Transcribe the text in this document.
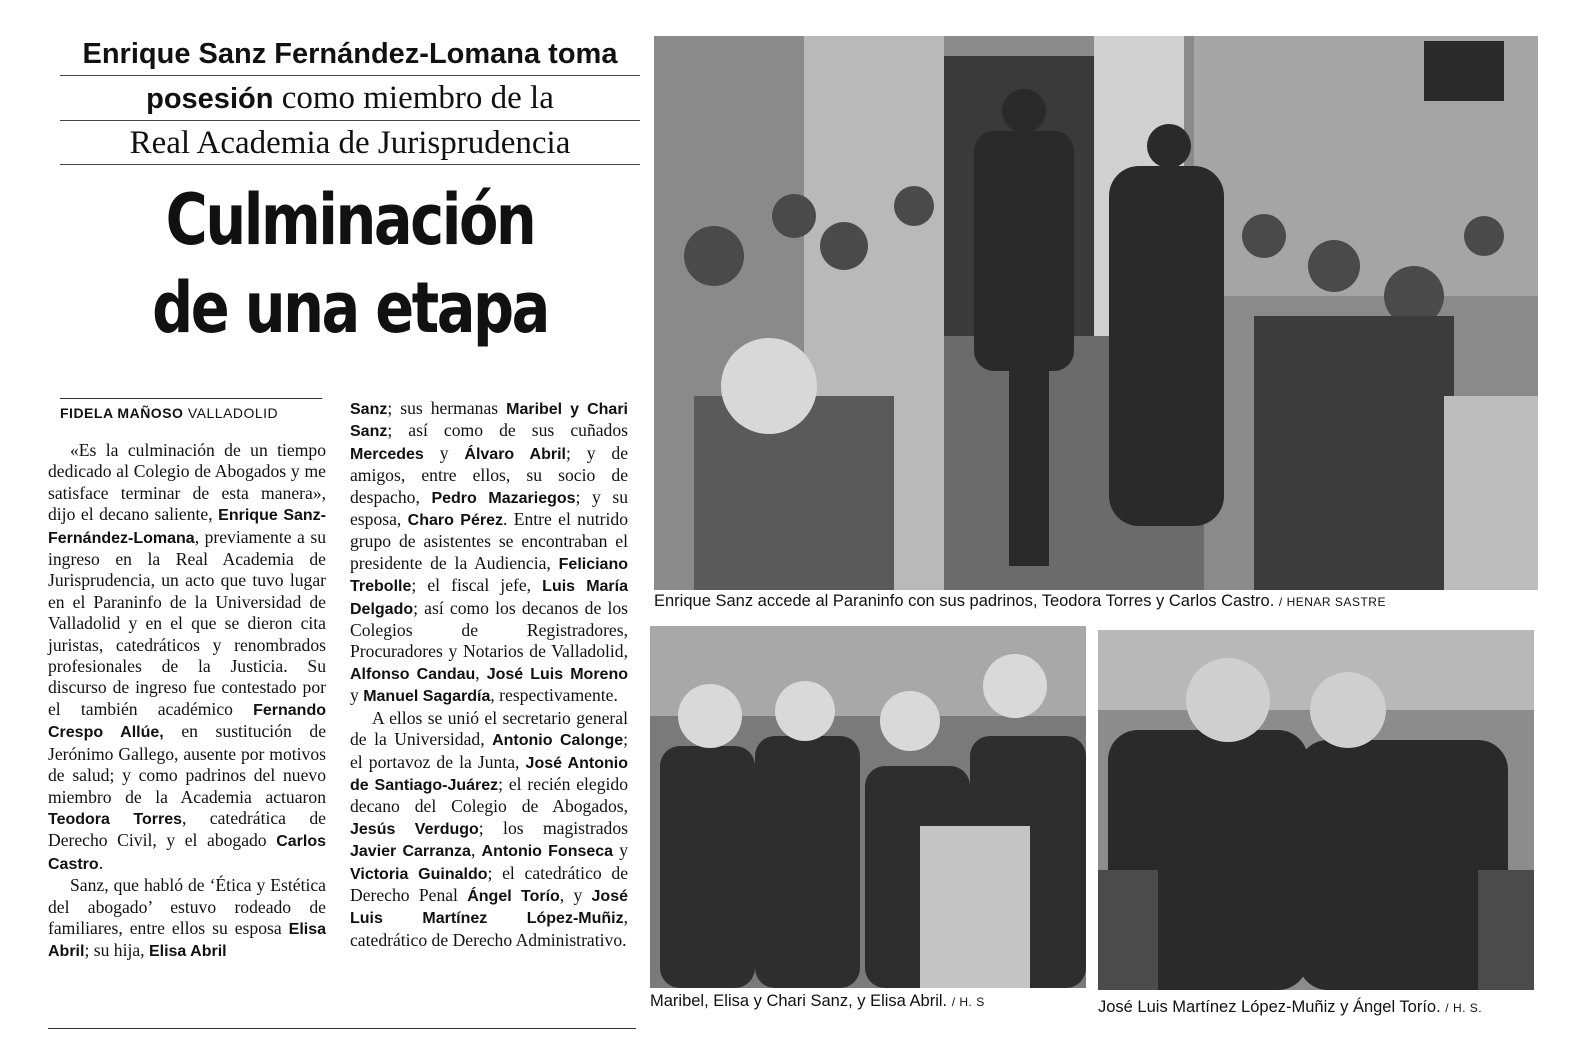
Enrique Sanz Fernández-Lomana toma
posesión como miembro de la
Real Academia de Jurisprudencia
Culminación
de una etapa
FIDELA MAÑOSO VALLADOLID

«Es la culminación de un tiempo dedicado al Colegio de Abogados y me satisface terminar de esta manera», dijo el decano saliente, Enrique Sanz-Fernández-Lomana, previamente a su ingreso en la Real Academia de Jurisprudencia, un acto que tuvo lugar en el Paraninfo de la Universidad de Valladolid y en el que se dieron cita juristas, catedráticos y renombrados profesionales de la Justicia. Su discurso de ingreso fue contestado por el también académico Fernando Crespo Allúe, en sustitución de Jerónimo Gallego, ausente por motivos de salud; y como padrinos del nuevo miembro de la Academia actuaron Teodora Torres, catedrática de Derecho Civil, y el abogado Carlos Castro.

Sanz, que habló de ‘Ética y Estética del abogado’ estuvo rodeado de familiares, entre ellos su esposa Elisa Abril; su hija, Elisa Abril

Sanz; sus hermanas Maribel y Chari Sanz; así como de sus cuñados Mercedes y Álvaro Abril; y de amigos, entre ellos, su socio de despacho, Pedro Mazariegos; y su esposa, Charo Pérez. Entre el nutrido grupo de asistentes se encontraban el presidente de la Audiencia, Feliciano Trebolle; el fiscal jefe, Luis María Delgado; así como los decanos de los Colegios de Registradores, Procuradores y Notarios de Valladolid, Alfonso Candau, José Luis Moreno y Manuel Sagardía, respectivamente.

A ellos se unió el secretario general de la Universidad, Antonio Calonge; el portavoz de la Junta, José Antonio de Santiago-Juárez; el recién elegido decano del Colegio de Abogados, Jesús Verdugo; los magistrados Javier Carranza, Antonio Fonseca y Victoria Guinaldo; el catedrático de Derecho Penal Ángel Torío, y José Luis Martínez López-Muñiz, catedrático de Derecho Administrativo.

Enrique Sanz accede al Paraninfo con sus padrinos, Teodora Torres y Carlos Castro. / HENAR SASTRE
Maribel, Elisa y Chari Sanz, y Elisa Abril. / H. S	José Luis Martínez López-Muñiz y Ángel Torío. / H. S.
